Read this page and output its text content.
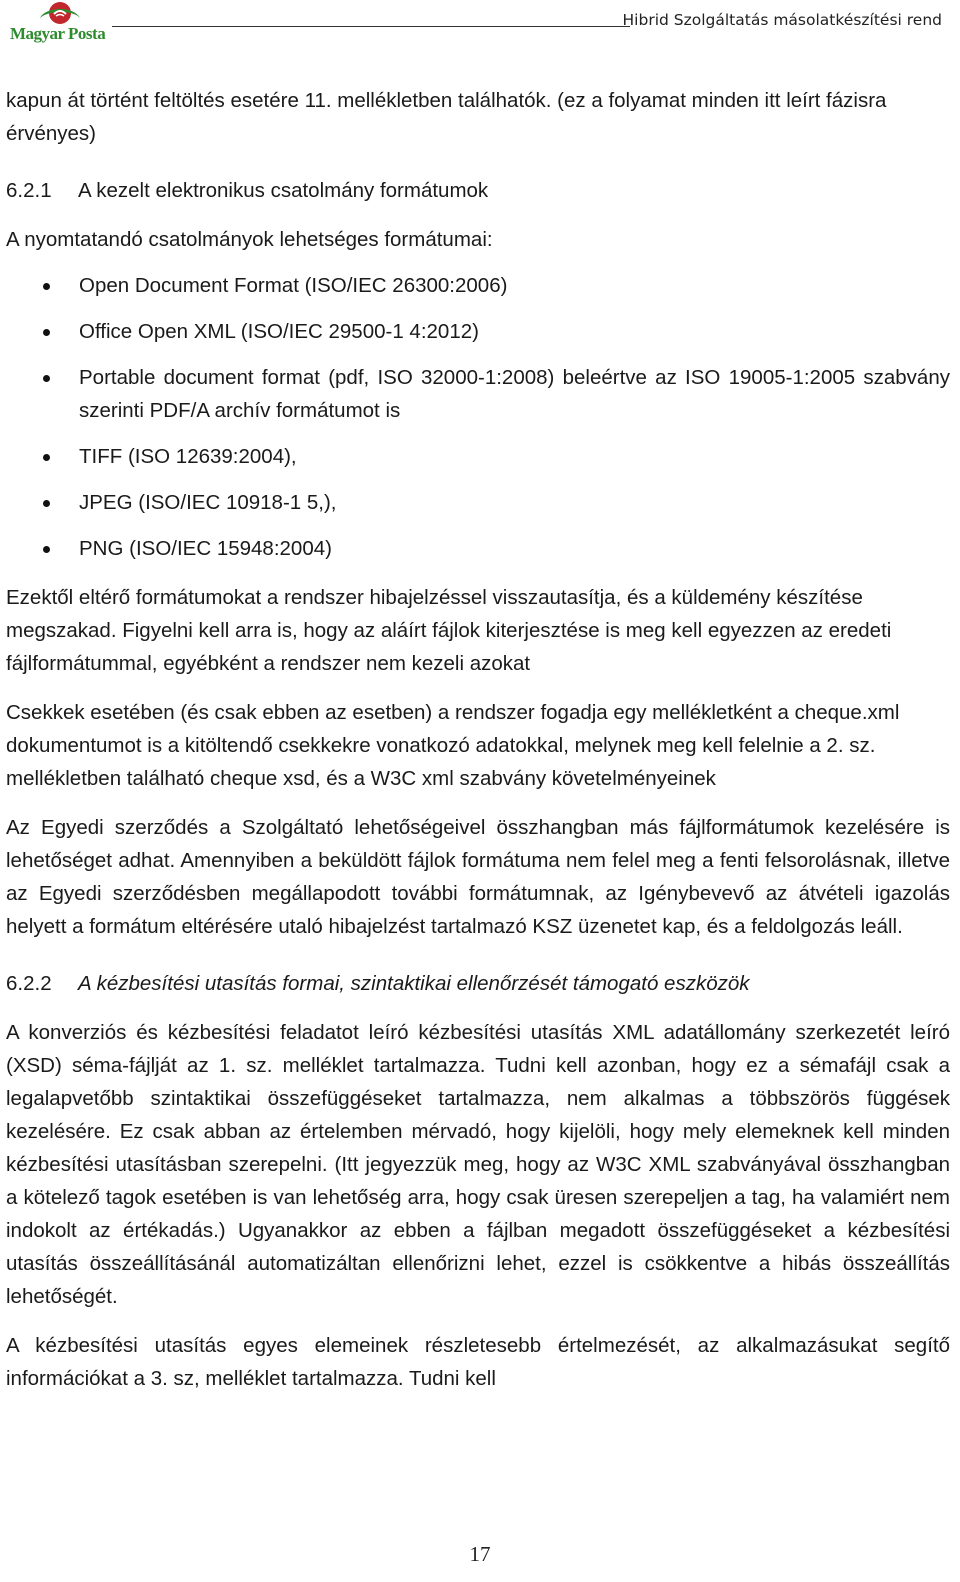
Magyar Posta
Hibrid Szolgáltatás másolatkészítési rend

kapun át történt feltöltés esetére 11. mellékletben találhatók. (ez a folyamat minden itt leírt fázisra érvényes)

6.2.1 A kezelt elektronikus csatolmány formátumok

A nyomtatandó csatolmányok lehetséges formátumai:

Open Document Format (ISO/IEC 26300:2006)
Office Open XML (ISO/IEC 29500-1 4:2012)
Portable document format (pdf, ISO 32000-1:2008) beleértve az ISO 19005-1:2005 szabvány szerinti PDF/A archív formátumot is
TIFF (ISO 12639:2004),
JPEG (ISO/IEC 10918-1 5,),
PNG (ISO/IEC 15948:2004)

Ezektől eltérő formátumokat a rendszer hibajelzéssel visszautasítja, és a küldemény készítése megszakad. Figyelni kell arra is, hogy az aláírt fájlok kiterjesztése is meg kell egyezzen az eredeti fájlformátummal, egyébként a rendszer nem kezeli azokat

Csekkek esetében (és csak ebben az esetben) a rendszer fogadja egy mellékletként a cheque.xml dokumentumot is a kitöltendő csekkekre vonatkozó adatokkal, melynek meg kell felelnie a 2. sz. mellékletben található cheque xsd, és a W3C xml szabvány követelményeinek

Az Egyedi szerződés a Szolgáltató lehetőségeivel összhangban más fájlformátumok kezelésére is lehetőséget adhat. Amennyiben a beküldött fájlok formátuma nem felel meg a fenti felsorolásnak, illetve az Egyedi szerződésben megállapodott további formátumnak, az Igénybevevő az átvételi igazolás helyett a formátum eltérésére utaló hibajelzést tartalmazó KSZ üzenetet kap, és a feldolgozás leáll.

6.2.2 A kézbesítési utasítás formai, szintaktikai ellenőrzését támogató eszközök

A konverziós és kézbesítési feladatot leíró kézbesítési utasítás XML adatállomány szerkezetét leíró (XSD) séma-fájlját az 1. sz. melléklet tartalmazza. Tudni kell azonban, hogy ez a sémafájl csak a legalapvetőbb szintaktikai összefüggéseket tartalmazza, nem alkalmas a többszörös függések kezelésére. Ez csak abban az értelemben mérvadó, hogy kijelöli, hogy mely elemeknek kell minden kézbesítési utasításban szerepelni. (Itt jegyezzük meg, hogy az W3C XML szabványával összhangban a kötelező tagok esetében is van lehetőség arra, hogy csak üresen szerepeljen a tag, ha valamiért nem indokolt az értékadás.) Ugyanakkor az ebben a fájlban megadott összefüggéseket a kézbesítési utasítás összeállításánál automatizáltan ellenőrizni lehet, ezzel is csökkentve a hibás összeállítás lehetőségét.

A kézbesítési utasítás egyes elemeinek részletesebb értelmezését, az alkalmazásukat segítő információkat a 3. sz, melléklet tartalmazza. Tudni kell

17
